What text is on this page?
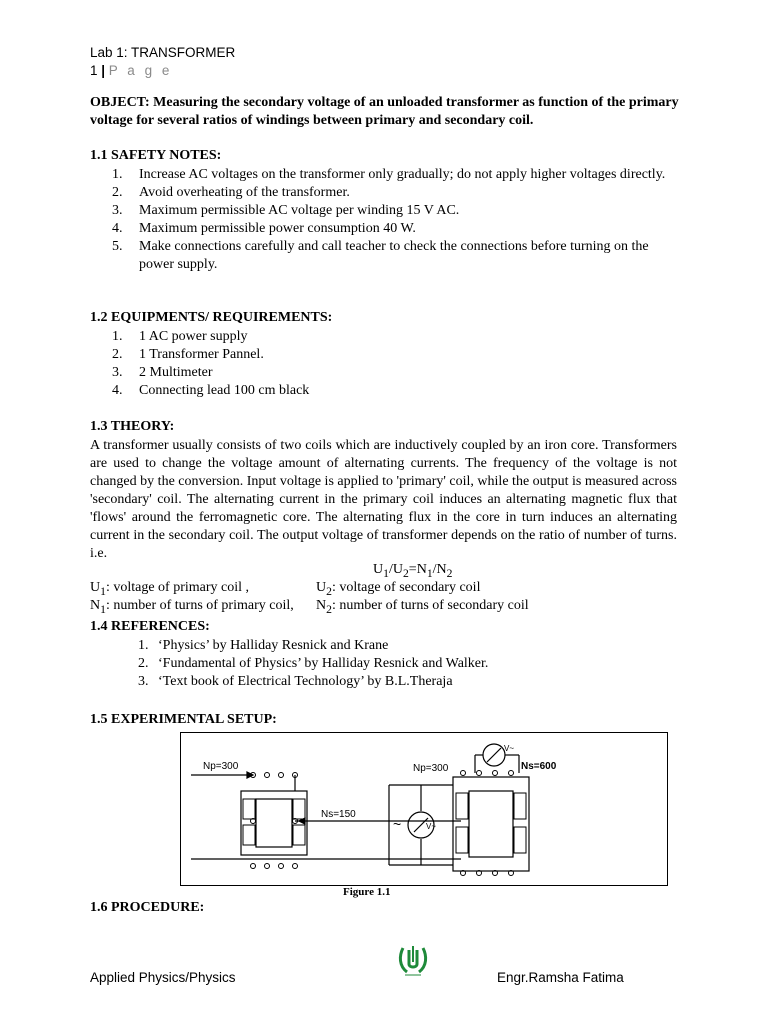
Lab 1: TRANSFORMER
1 | P a g e
OBJECT: Measuring the secondary voltage of an unloaded transformer as function of the primary voltage for several ratios of windings between primary and secondary coil.
1.1 SAFETY NOTES:
1. Increase AC voltages on the transformer only gradually; do not apply higher voltages directly.
2. Avoid overheating of the transformer.
3. Maximum permissible AC voltage per winding 15 V AC.
4. Maximum permissible power consumption 40 W.
5. Make connections carefully and call teacher to check the connections before turning on the power supply.
1.2 EQUIPMENTS/ REQUIREMENTS:
1. 1 AC power supply
2. 1 Transformer Pannel.
3. 2 Multimeter
4. Connecting lead 100 cm black
1.3 THEORY:

A transformer usually consists of two coils which are inductively coupled by an iron core. Transformers are used to change the voltage amount of alternating currents. The frequency of the voltage is not changed by the conversion. Input voltage is applied to 'primary' coil, while the output is measured across 'secondary' coil. The alternating current in the primary coil induces an alternating magnetic flux that 'flows' around the ferromagnetic core. The alternating flux in the core in turn induces an alternating current in the secondary coil. The output voltage of transformer depends on the ratio of number of turns. i.e.

$U_1/U_2=N_1/N_2$
$U_1$: voltage of primary coil ,	$U_2$: voltage of secondary coil
$N_1$: number of turns of primary coil, $N_2$: number of turns of secondary coil
1.4 REFERENCES:
1. ‘Physics’ by Halliday Resnick and Krane
2. ‘Fundamental of Physics’ by Halliday Resnick and Walker.
3. ‘Text book of Electrical Technology’ by B.L.Theraja
1.5 EXPERIMENTAL SETUP:
Np=300
Ns=150
Np=300	Ns=600
~	V~
V~
Figure 1.1
1.6 PROCEDURE:
Applied Physics/Physics	Engr.Ramsha Fatima
